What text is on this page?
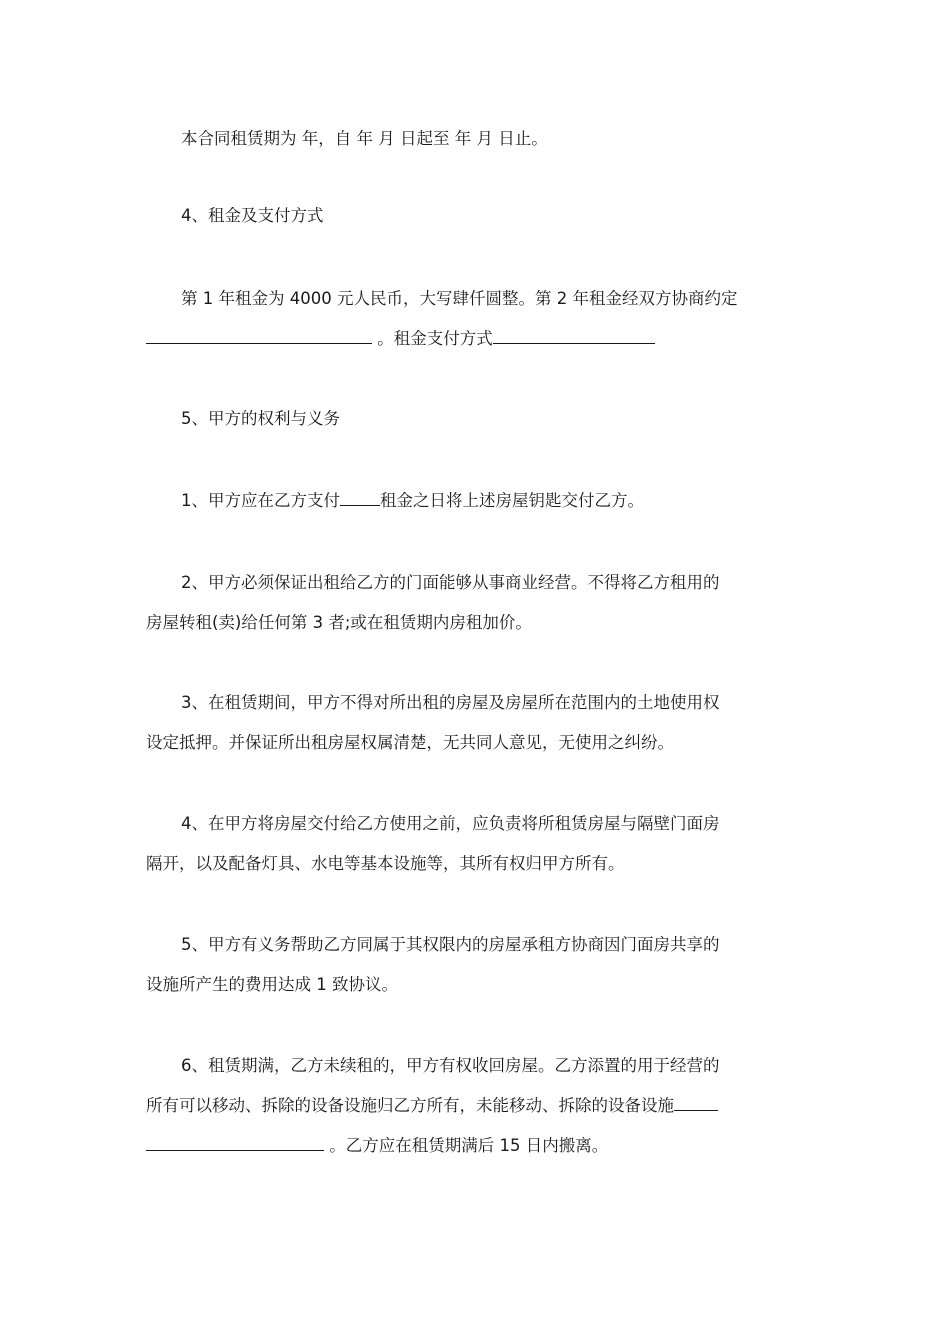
本合同租赁期为 年，自 年 月 日起至 年 月 日止。

4、租金及支付方式

第 1 年租金为 4000 元人民币，大写肆仟圆整。第 2 年租金经双方协商约定
。租金支付方式

5、甲方的权利与义务

1、甲方应在乙方支付 租金之日将上述房屋钥匙交付乙方。

2、甲方必须保证出租给乙方的门面能够从事商业经营。不得将乙方租用的
房屋转租(卖)给任何第 3 者;或在租赁期内房租加价。

3、在租赁期间，甲方不得对所出租的房屋及房屋所在范围内的土地使用权
设定抵押。并保证所出租房屋权属清楚，无共同人意见，无使用之纠纷。

4、在甲方将房屋交付给乙方使用之前，应负责将所租赁房屋与隔壁门面房
隔开，以及配备灯具、水电等基本设施等，其所有权归甲方所有。

5、甲方有义务帮助乙方同属于其权限内的房屋承租方协商因门面房共享的
设施所产生的费用达成 1 致协议。

6、租赁期满，乙方未续租的，甲方有权收回房屋。乙方添置的用于经营的
所有可以移动、拆除的设备设施归乙方所有，未能移动、拆除的设备设施
。乙方应在租赁期满后 15 日内搬离。
